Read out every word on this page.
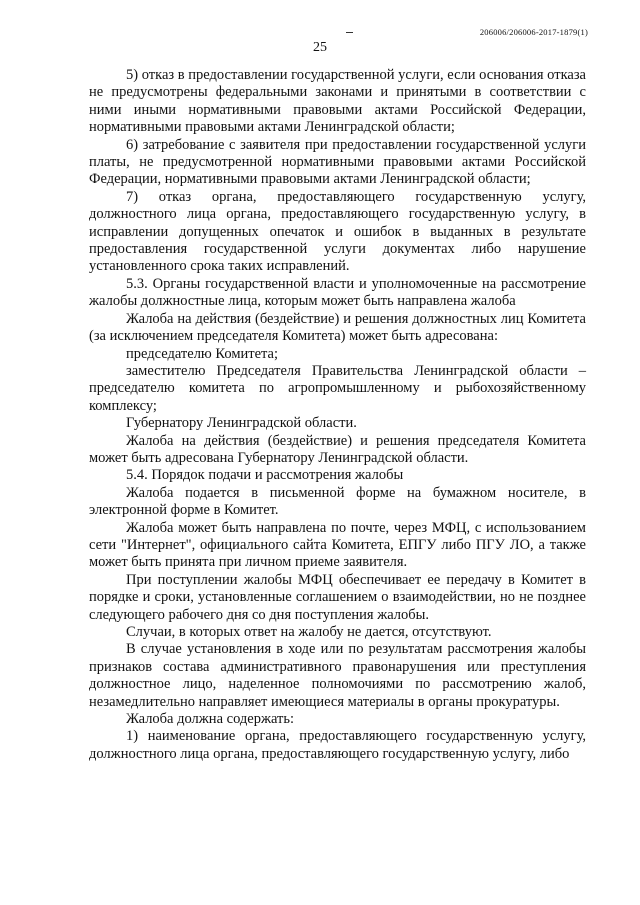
206006/206006-2017-1879(1)
25

5) отказ в предоставлении государственной услуги, если основания отказа не предусмотрены федеральными законами и принятыми в соответствии с ними иными нормативными правовыми актами Российской Федерации, нормативными правовыми актами Ленинградской области;

6) затребование с заявителя при предоставлении государственной услуги платы, не предусмотренной нормативными правовыми актами Российской Федерации, нормативными правовыми актами Ленинградской области;

7) отказ органа, предоставляющего государственную услугу, должностного лица органа, предоставляющего государственную услугу, в исправлении допущенных опечаток и ошибок в выданных в результате предоставления государственной услуги документах либо нарушение установленного срока таких исправлений.

5.3. Органы государственной власти и уполномоченные на рассмотрение жалобы должностные лица, которым может быть направлена жалоба

Жалоба на действия (бездействие) и решения должностных лиц Комитета (за исключением председателя Комитета) может быть адресована:

председателю Комитета;

заместителю Председателя Правительства Ленинградской области – председателю комитета по агропромышленному и рыбохозяйственному комплексу;

Губернатору Ленинградской области.

Жалоба на действия (бездействие) и решения председателя Комитета может быть адресована Губернатору Ленинградской области.

5.4. Порядок подачи и рассмотрения жалобы

Жалоба подается в письменной форме на бумажном носителе, в электронной форме в Комитет.

Жалоба может быть направлена по почте, через МФЦ, с использованием сети "Интернет", официального сайта Комитета, ЕПГУ либо ПГУ ЛО, а также может быть принята при личном приеме заявителя.

При поступлении жалобы МФЦ обеспечивает ее передачу в Комитет в порядке и сроки, установленные соглашением о взаимодействии, но не позднее следующего рабочего дня со дня поступления жалобы.

Случаи, в которых ответ на жалобу не дается, отсутствуют.

В случае установления в ходе или по результатам рассмотрения жалобы признаков состава административного правонарушения или преступления должностное лицо, наделенное полномочиями по рассмотрению жалоб, незамедлительно направляет имеющиеся материалы в органы прокуратуры.

Жалоба должна содержать:

1) наименование органа, предоставляющего государственную услугу, должностного лица органа, предоставляющего государственную услугу, либо
